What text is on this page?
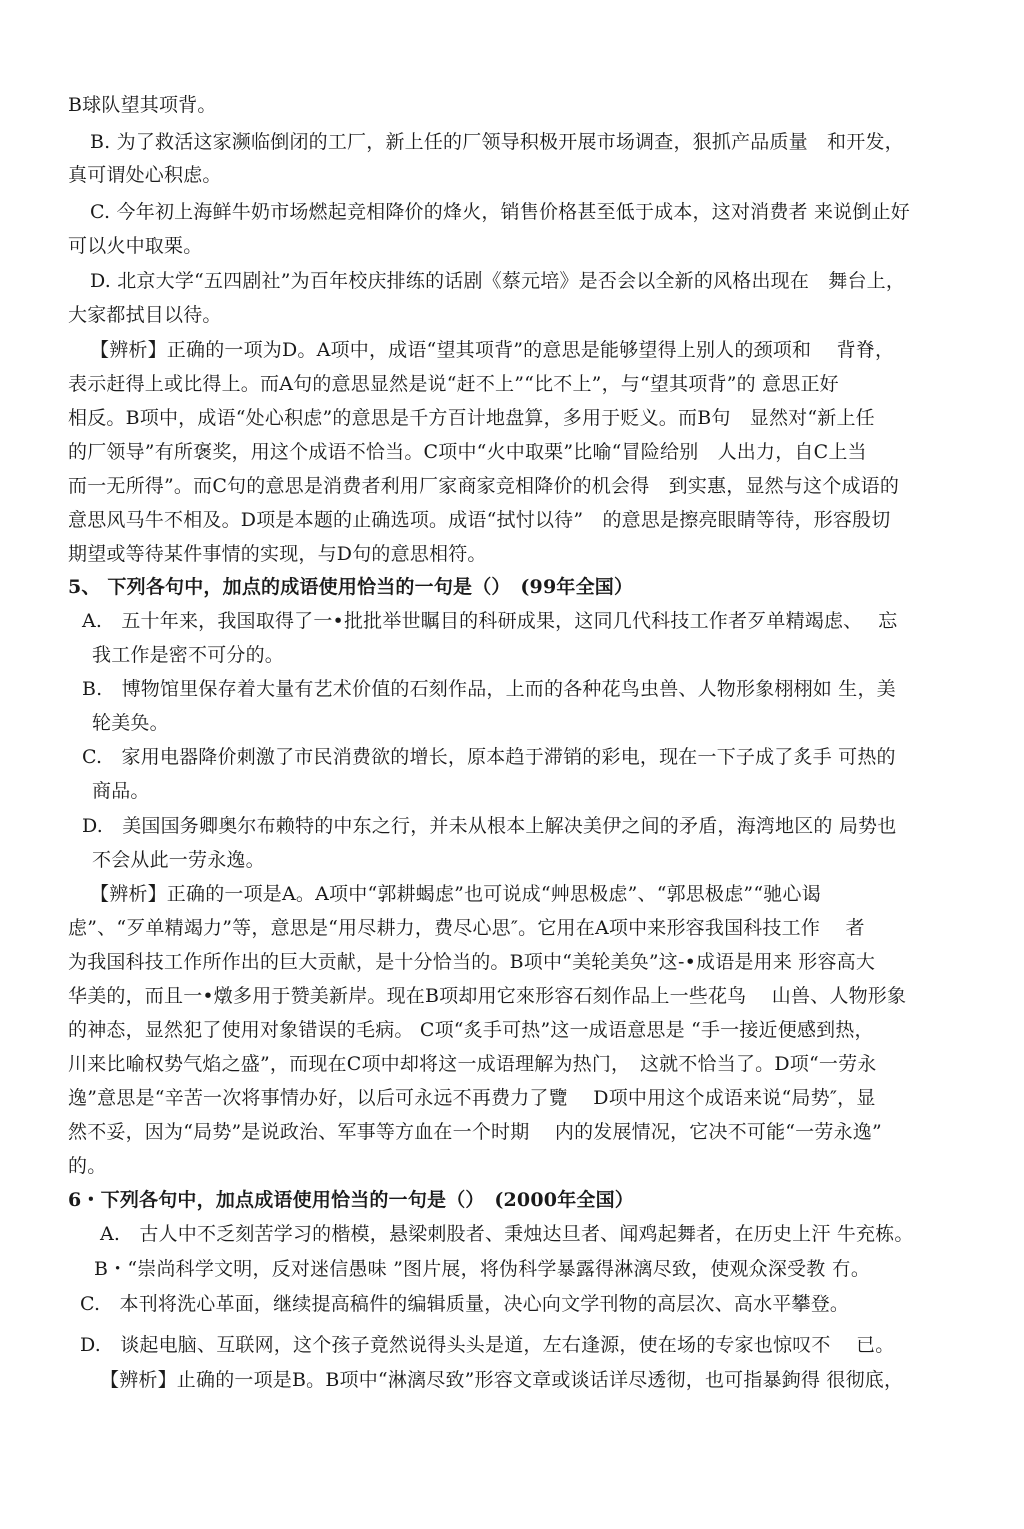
B球队望其项背。
B. 为了救活这家濒临倒闭的工厂，新上任的厂领导积极开展市场调查，狠抓产品质量　和开发，
真可谓处心积虑。
C. 今年初上海鲜牛奶市场燃起竞相降价的烽火，销售价格甚至低于成本，这对消费者 来说倒止好
可以火中取栗。
D. 北京大学“五四剧社”为百年校庆排练的话剧《蔡元培》是否会以全新的风格出现在　舞台上，
大家都拭目以待。
【辨析】正确的一项为D。A项中，成语“望其项背”的意思是能够望得上别人的颈项和　 背脊，
表示赶得上或比得上。而A句的意思显然是说“赶不上”“比不上”，与“望其项背”的 意思正好
相反。B项中，成语“处心积虑”的意思是千方百计地盘算，多用于贬义。而B句　显然对“新上任
的厂领导”有所褒奖，用这个成语不恰当。C项中“火中取栗”比喻“冒险给别　人出力，自C上当
而一无所得”。而C句的意思是消费者利用厂家商家竞相降价的机会得　到实惠，显然与这个成语的
意思风马牛不相及。D项是本题的止确选项。成语“拭忖以待”　的意思是擦亮眼睛等待，形容殷切
期望或等待某件事情的实现，与D句的意思相符。
5、 下列各句中，加点的成语使用恰当的一句是（）　(99年全国）
A.　五十年来，我国取得了一•批批举世瞩目的科研成果，这同几代科技工作者歹单精竭虑、　 忘
我工作是密不可分的。
B.　博物馆里保存着大量有艺术价值的石刻作品，上而的各种花鸟虫兽、人物形象栩栩如 生，美
轮美奂。
C.　家用电器降价刺激了市民消费欲的增长，原本趋于滞销的彩电，现在一下子成了炙手 可热的
商品。
D.　美国国务卿奥尔布赖特的中东之行，并未从根本上解决美伊之间的矛盾，海湾地区的 局势也
不会从此一劳永逸。
【辨析】正确的一项是A。A项中“郭耕蝎虑”也可说成“艸思极虑”、“郭思极虑”“驰心谒
虑”、“歹单精竭力”等，意思是“用尽耕力，费尽心思″。它用在A项中来形容我国科技工作　 者
为我国科技工作所作出的巨大贡献，是十分恰当的。B项中“美轮美奂”这-•成语是用来 形容高大
华美的，而且一•燉多用于赞美新岸。现在B项却用它來形容石刻作品上一些花鸟　 山兽、人物形象
的神态，显然犯了使用对象错误的毛病。 C项“炙手可热”这一成语意思是 “手一接近便感到热，
川来比喻权势气焰之盛”，而现在C项中却将这一成语理解为热门，　这就不恰当了。D项“一劳永
逸”意思是“辛苦一次将事情办好，以后可永远不再费力了覽　 D项中用这个成语来说“局势″，显
然不妥，因为“局势”是说政治、军事等方血在一个时期　 内的发展情况，它决不可能“一劳永逸”
的。
6・下列各句中，加点成语使用恰当的一句是（）　(2000年全国）
A.　古人中不乏刻苦学习的楷模，悬梁刺股者、秉烛达旦者、闻鸡起舞者，在历史上汗 牛充栋。
B・“崇尚科学文明，反对迷信愚味 ”图片展，将伪科学暴露得淋漓尽致，使观众深受教 冇。
C.　本刊将洗心革面，继续提高稿件的编辑质量，决心向文学刊物的高层次、高水平攀登。
D.　谈起电脑、互联网，这个孩子竟然说得头头是道，左右逢源，使在场的专家也惊叹不　 已。
【辨析】止确的一项是B。B项中“淋漓尽致”形容文章或谈话详尽透彻，也可指暴鉤得 很彻底，
